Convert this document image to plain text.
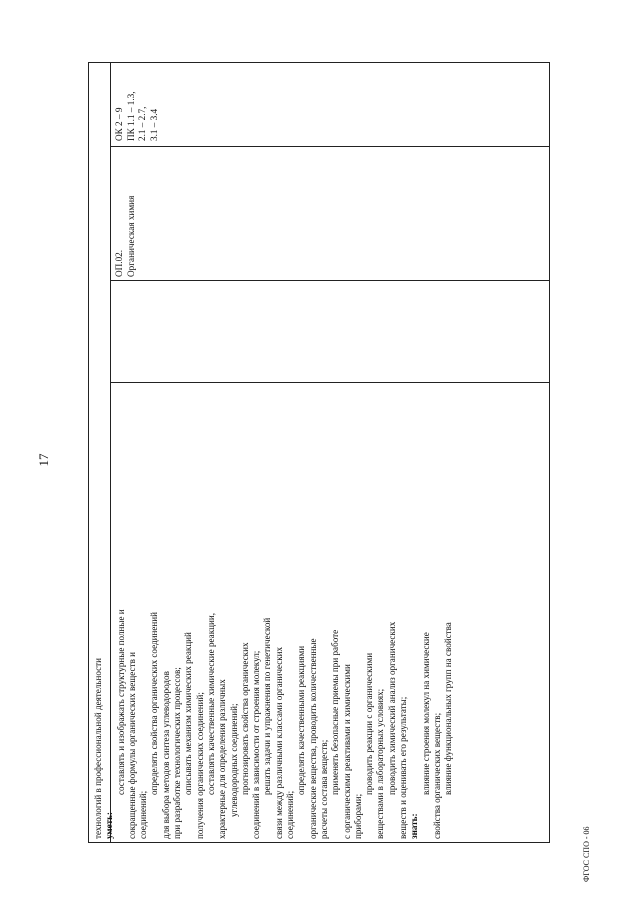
17
ФГОС СПО - 06

технологий в профессиональной деятельности уметь:

составлять и изображать структурные полные и сокращенные формулы органических веществ и соединений;

определять свойства органических соединений для выбора методов синтеза углеводородов при разработке технологических процессов; описывать механизм химических реакций получения органических соединений; составлять качественные химические реакции, характерные для определения различных углеводородных соединений; прогнозировать свойства органических соединений в зависимости от строения молекул; решать задачи и упражнения по генетической связи между различными классами органических соединений;

определять качественными реакциями органические вещества, проводить количественные расчеты состава веществ; применять безопасные приемы при работе с органическими реактивами и химическими приборами;

проводить реакции с органическими веществами в лабораторных условиях; проводить химический анализ органических веществ и оценивать его результаты; знать:

влияние строения молекул на химические свойства органических веществ; влияние функциональных групп на свойства

ОП.02. Органическая химия

ОК 2 – 9 ПК 1.1 – 1.3, 2.1 – 2.7, 3.1 – 3.4
